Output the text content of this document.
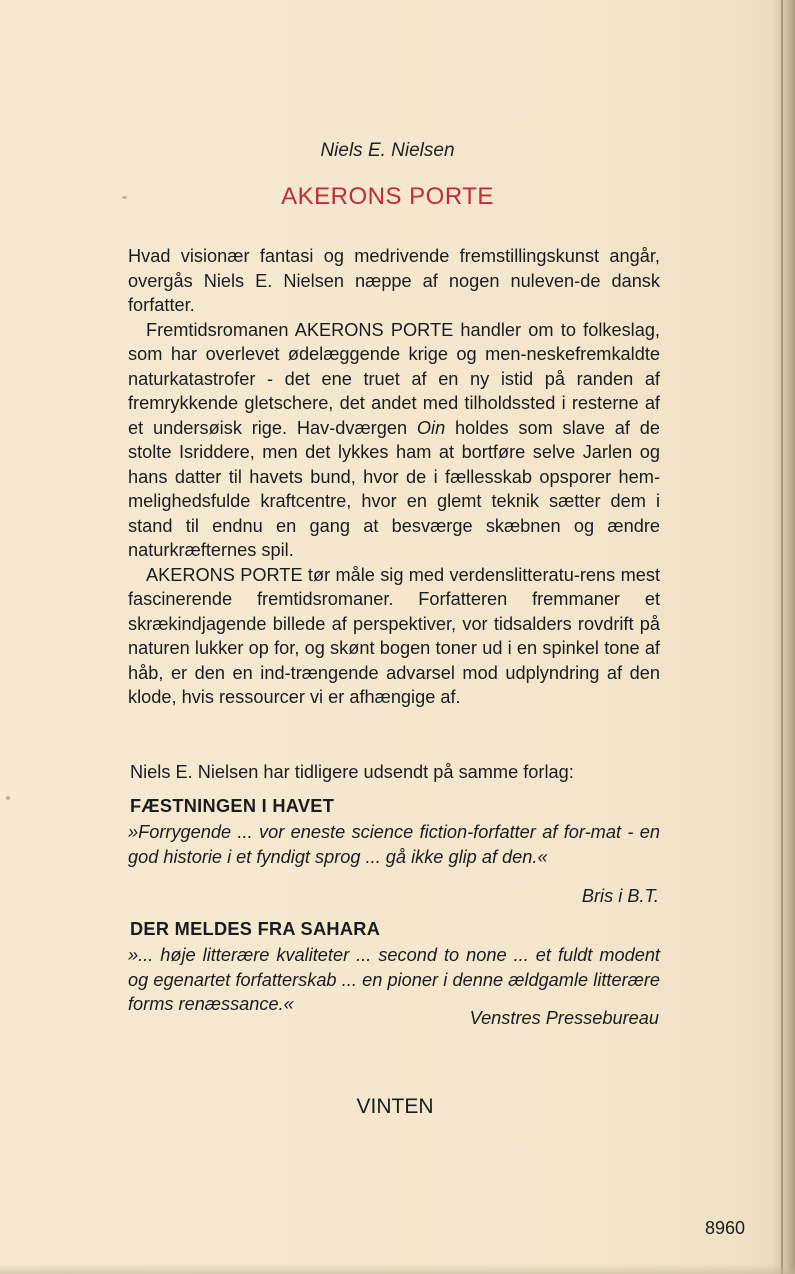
Niels E. Nielsen
AKERONS PORTE

Hvad visionær fantasi og medrivende fremstillingskunst angår, overgås Niels E. Nielsen næppe af nogen nuleven-de dansk forfatter.

Fremtidsromanen AKERONS PORTE handler om to folkeslag, som har overlevet ødelæggende krige og men-neskefremkaldte naturkatastrofer - det ene truet af en ny istid på randen af fremrykkende gletschere, det andet med tilholdssted i resterne af et undersøisk rige. Hav-dværgen Oin holdes som slave af de stolte Isriddere, men det lykkes ham at bortføre selve Jarlen og hans datter til havets bund, hvor de i fællesskab opsporer hem-melighedsfulde kraftcentre, hvor en glemt teknik sætter dem i stand til endnu en gang at besværge skæbnen og ændre naturkræfternes spil.

AKERONS PORTE tør måle sig med verdenslitteratu-rens mest fascinerende fremtidsromaner. Forfatteren fremmaner et skrækindjagende billede af perspektiver, vor tidsalders rovdrift på naturen lukker op for, og skønt bogen toner ud i en spinkel tone af håb, er den en ind-trængende advarsel mod udplyndring af den klode, hvis ressourcer vi er afhængige af.

Niels E. Nielsen har tidligere udsendt på samme forlag:
FÆSTNINGEN I HAVET

»Forrygende ... vor eneste science fiction-forfatter af for-mat - en god historie i et fyndigt sprog ... gå ikke glip af den.«

Bris i B.T.
DER MELDES FRA SAHARA

»... høje litterære kvaliteter ... second to none ... et fuldt modent og egenartet forfatterskab ... en pioner i denne ældgamle litterære forms renæssance.«

Venstres Pressebureau
VINTEN
8960
